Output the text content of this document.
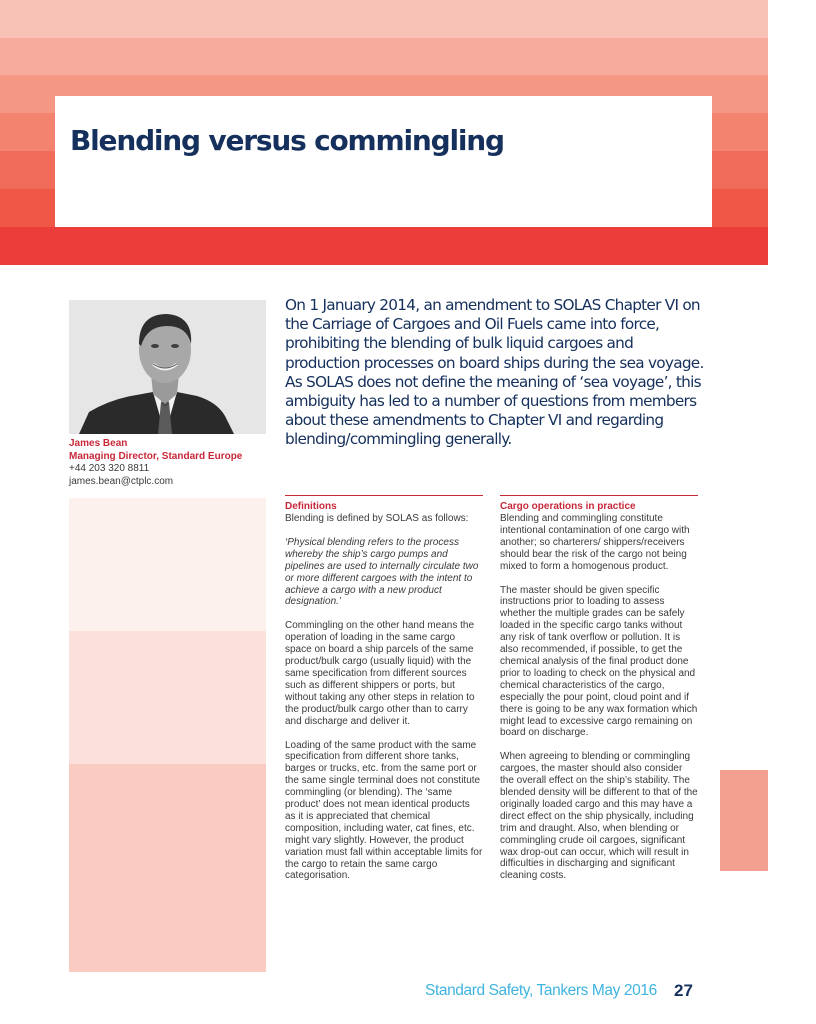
Blending versus commingling
James Bean
Managing Director, Standard Europe
+44 203 320 8811
james.bean@ctplc.com

On 1 January 2014, an amendment to SOLAS Chapter VI on the Carriage of Cargoes and Oil Fuels came into force, prohibiting the blending of bulk liquid cargoes and production processes on board ships during the sea voyage. As SOLAS does not define the meaning of ‘sea voyage’, this ambiguity has led to a number of questions from members about these amendments to Chapter VI and regarding blending/commingling generally.

Definitions

Blending is defined by SOLAS as follows:

‘Physical blending refers to the process whereby the ship’s cargo pumps and pipelines are used to internally circulate two or more different cargoes with the intent to achieve a cargo with a new product designation.’

Commingling on the other hand means the operation of loading in the same cargo space on board a ship parcels of the same product/bulk cargo (usually liquid) with the same specification from different sources such as different shippers or ports, but without taking any other steps in relation to the product/bulk cargo other than to carry and discharge and deliver it.

Loading of the same product with the same specification from different shore tanks, barges or trucks, etc. from the same port or the same single terminal does not constitute commingling (or blending). The ‘same product’ does not mean identical products as it is appreciated that chemical composition, including water, cat fines, etc. might vary slightly. However, the product variation must fall within acceptable limits for the cargo to retain the same cargo categorisation.

Cargo operations in practice

Blending and commingling constitute intentional contamination of one cargo with another; so charterers/ shippers/receivers should bear the risk of the cargo not being mixed to form a homogenous product.

The master should be given specific instructions prior to loading to assess whether the multiple grades can be safely loaded in the specific cargo tanks without any risk of tank overflow or pollution. It is also recommended, if possible, to get the chemical analysis of the final product done prior to loading to check on the physical and chemical characteristics of the cargo, especially the pour point, cloud point and if there is going to be any wax formation which might lead to excessive cargo remaining on board on discharge.

When agreeing to blending or commingling cargoes, the master should also consider the overall effect on the ship’s stability. The blended density will be different to that of the originally loaded cargo and this may have a direct effect on the ship physically, including trim and draught. Also, when blending or commingling crude oil cargoes, significant wax drop-out can occur, which will result in difficulties in discharging and significant cleaning costs.

Special operations
Standard Safety, Tankers May 2016 27
